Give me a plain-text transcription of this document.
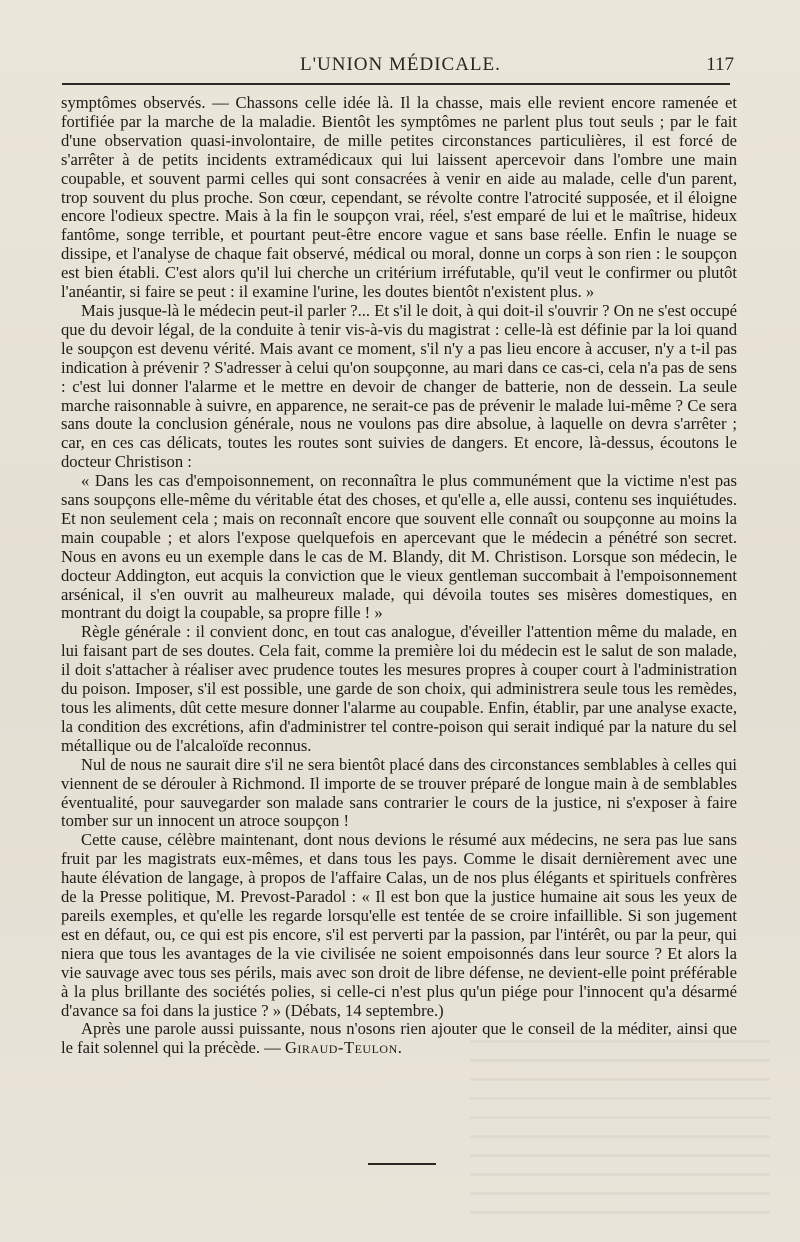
L'UNION MÉDICALE.	117

symptômes observés. — Chassons celle idée là. Il la chasse, mais elle revient encore ramenée et fortifiée par la marche de la maladie. Bientôt les symptômes ne parlent plus tout seuls ; par le fait d'une observation quasi-involontaire, de mille petites circonstances particulières, il est forcé de s'arrêter à de petits incidents extramédicaux qui lui laissent apercevoir dans l'ombre une main coupable, et souvent parmi celles qui sont consacrées à venir en aide au malade, celle d'un parent, trop souvent du plus proche. Son cœur, cependant, se révolte contre l'atrocité supposée, et il éloigne encore l'odieux spectre. Mais à la fin le soupçon vrai, réel, s'est emparé de lui et le maîtrise, hideux fantôme, songe terrible, et pourtant peut-être encore vague et sans base réelle. Enfin le nuage se dissipe, et l'analyse de chaque fait observé, médical ou moral, donne un corps à son rien : le soupçon est bien établi. C'est alors qu'il lui cherche un critérium irréfutable, qu'il veut le confirmer ou plutôt l'anéantir, si faire se peut : il examine l'urine, les doutes bientôt n'existent plus. »

Mais jusque-là le médecin peut-il parler ?... Et s'il le doit, à qui doit-il s'ouvrir ? On ne s'est occupé que du devoir légal, de la conduite à tenir vis-à-vis du magistrat : celle-là est définie par la loi quand le soupçon est devenu vérité. Mais avant ce moment, s'il n'y a pas lieu encore à accuser, n'y a t-il pas indication à prévenir ? S'adresser à celui qu'on soupçonne, au mari dans ce cas-ci, cela n'a pas de sens : c'est lui donner l'alarme et le mettre en devoir de changer de batterie, non de dessein. La seule marche raisonnable à suivre, en apparence, ne serait-ce pas de prévenir le malade lui-même ? Ce sera sans doute la conclusion générale, nous ne voulons pas dire absolue, à laquelle on devra s'arrêter ; car, en ces cas délicats, toutes les routes sont suivies de dangers. Et encore, là-dessus, écoutons le docteur Christison :

« Dans les cas d'empoisonnement, on reconnaîtra le plus communément que la victime n'est pas sans soupçons elle-même du véritable état des choses, et qu'elle a, elle aussi, contenu ses inquiétudes. Et non seulement cela ; mais on reconnaît encore que souvent elle connaît ou soupçonne au moins la main coupable ; et alors l'expose quelquefois en apercevant que le médecin a pénétré son secret. Nous en avons eu un exemple dans le cas de M. Blandy, dit M. Christison. Lorsque son médecin, le docteur Addington, eut acquis la conviction que le vieux gentleman succombait à l'empoisonnement arsénical, il s'en ouvrit au malheureux malade, qui dévoila toutes ses misères domestiques, en montrant du doigt la coupable, sa propre fille ! »

Règle générale : il convient donc, en tout cas analogue, d'éveiller l'attention même du malade, en lui faisant part de ses doutes. Cela fait, comme la première loi du médecin est le salut de son malade, il doit s'attacher à réaliser avec prudence toutes les mesures propres à couper court à l'administration du poison. Imposer, s'il est possible, une garde de son choix, qui administrera seule tous les remèdes, tous les aliments, dût cette mesure donner l'alarme au coupable. Enfin, établir, par une analyse exacte, la condition des excrétions, afin d'administrer tel contre-poison qui serait indiqué par la nature du sel métallique ou de l'alcaloïde reconnus.

Nul de nous ne saurait dire s'il ne sera bientôt placé dans des circonstances semblables à celles qui viennent de se dérouler à Richmond. Il importe de se trouver préparé de longue main à de semblables éventualité, pour sauvegarder son malade sans contrarier le cours de la justice, ni s'exposer à faire tomber sur un innocent un atroce soupçon !

Cette cause, célèbre maintenant, dont nous devions le résumé aux médecins, ne sera pas lue sans fruit par les magistrats eux-mêmes, et dans tous les pays. Comme le disait dernièrement avec une haute élévation de langage, à propos de l'affaire Calas, un de nos plus élégants et spirituels confrères de la Presse politique, M. Prevost-Paradol : « Il est bon que la justice humaine ait sous les yeux de pareils exemples, et qu'elle les regarde lorsqu'elle est tentée de se croire infaillible. Si son jugement est en défaut, ou, ce qui est pis encore, s'il est perverti par la passion, par l'intérêt, ou par la peur, qui niera que tous les avantages de la vie civilisée ne soient empoisonnés dans leur source ? Et alors la vie sauvage avec tous ses périls, mais avec son droit de libre défense, ne devient-elle point préférable à la plus brillante des sociétés polies, si celle-ci n'est plus qu'un piége pour l'innocent qu'a désarmé d'avance sa foi dans la justice ? » (Débats, 14 septembre.)

Après une parole aussi puissante, nous n'osons rien ajouter que le conseil de la méditer, ainsi que le fait solennel qui la précède. — Giraud-Teulon.
